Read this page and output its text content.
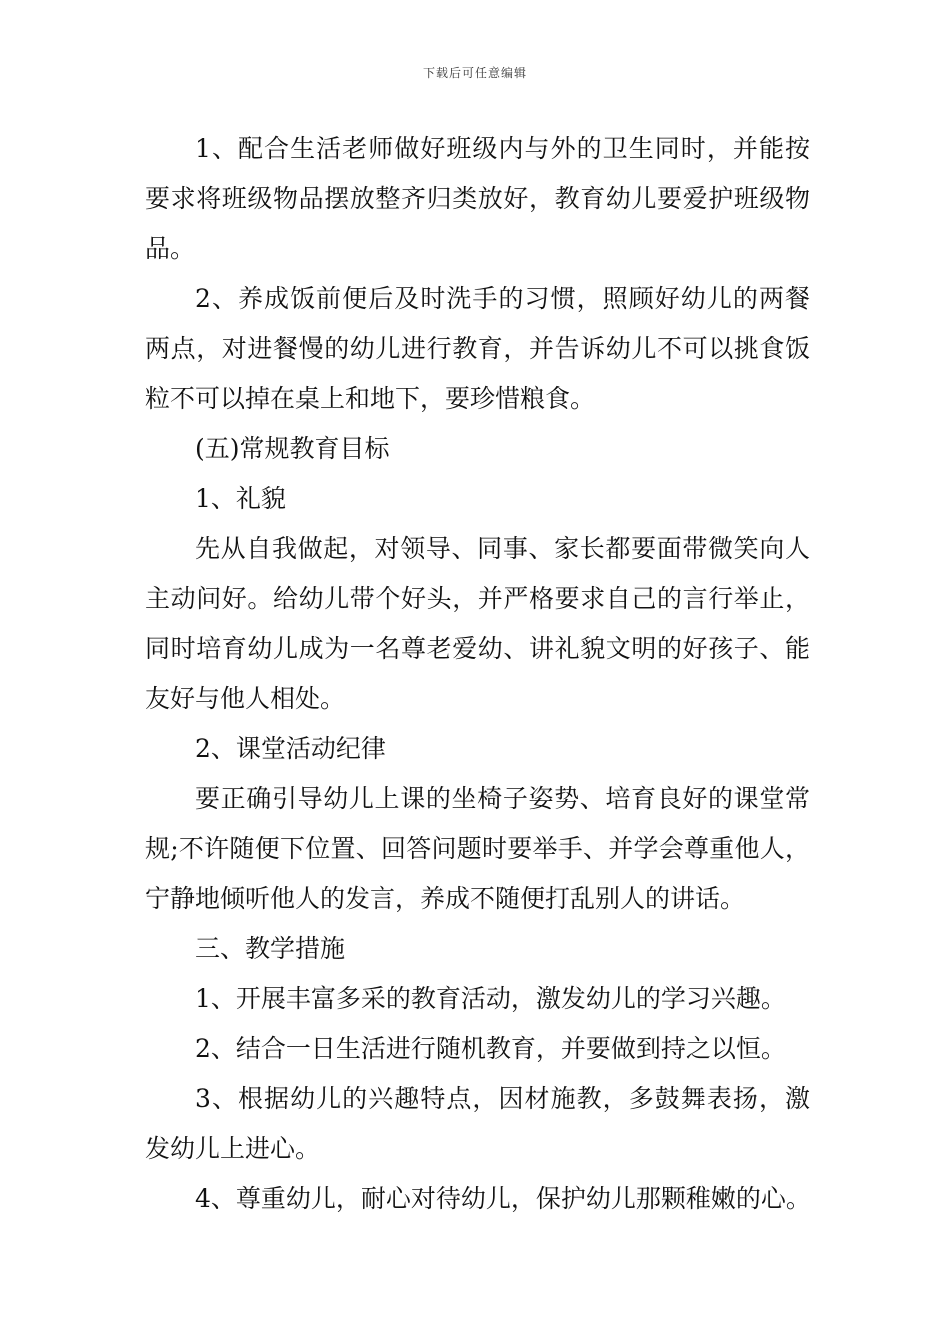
下载后可任意编辑

1、配合生活老师做好班级内与外的卫生同时，并能按要求将班级物品摆放整齐归类放好，教育幼儿要爱护班级物品。

2、养成饭前便后及时洗手的习惯，照顾好幼儿的两餐两点，对进餐慢的幼儿进行教育，并告诉幼儿不可以挑食饭粒不可以掉在桌上和地下，要珍惜粮食。

(五)常规教育目标

1、礼貌

先从自我做起，对领导、同事、家长都要面带微笑向人主动问好。给幼儿带个好头，并严格要求自己的言行举止，同时培育幼儿成为一名尊老爱幼、讲礼貌文明的好孩子、能友好与他人相处。

2、课堂活动纪律

要正确引导幼儿上课的坐椅子姿势、培育良好的课堂常规;不许随便下位置、回答问题时要举手、并学会尊重他人，宁静地倾听他人的发言，养成不随便打乱别人的讲话。

三、教学措施

1、开展丰富多采的教育活动，激发幼儿的学习兴趣。

2、结合一日生活进行随机教育，并要做到持之以恒。

3、根据幼儿的兴趣特点，因材施教，多鼓舞表扬，激发幼儿上进心。

4、尊重幼儿，耐心对待幼儿，保护幼儿那颗稚嫩的心。
